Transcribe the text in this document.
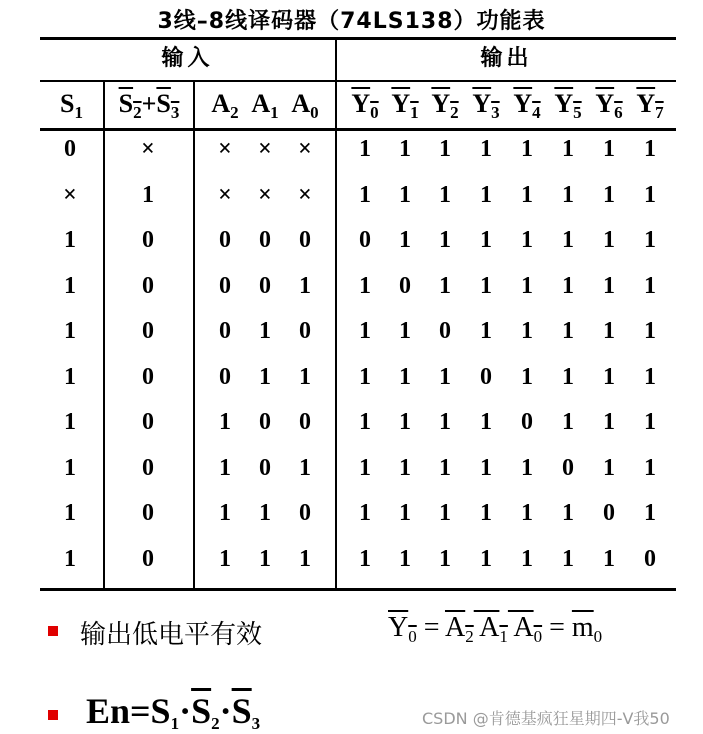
3线–8线译码器（74LS138）功能表
输入	输出
$S_1$	$S_2+S_3$	$A_2$ $A_1$ $A_0$ $Y_0$ $Y_1$ $Y_2$ $Y_3$ $Y_4$ $Y_5$ $Y_6$ $Y_7$
0	×	×	×	×	1	1	1	1	1	1	1	1
×	1	×	×	×	1	1	1	1	1	1	1	1
1	0	0	0	0	0	1	1	1	1	1	1	1
1	0	0	0	1	1	0	1	1	1	1	1	1
1	0	0	1	0	1	1	0	1	1	1	1	1
1	0	0	1	1	1	1	1	0	1	1	1	1
1	0	1	0	0	1	1	1	1	0	1	1	1
1	0	1	0	1	1	1	1	1	1	0	1	1
1	0	1	1	0	1	1	1	1	1	1	0	1
1	0	1	1	1	1	1	1	1	1	1	1	0
输出低电平有效	$Y_0 = A_2$ $A_1$ $A_0 = \overline{m}_0$
$En=S_1\cdot\overline{S}_2\cdot\overline{S}_3$	CSDN @肯德基疯狂星期四-V我50
